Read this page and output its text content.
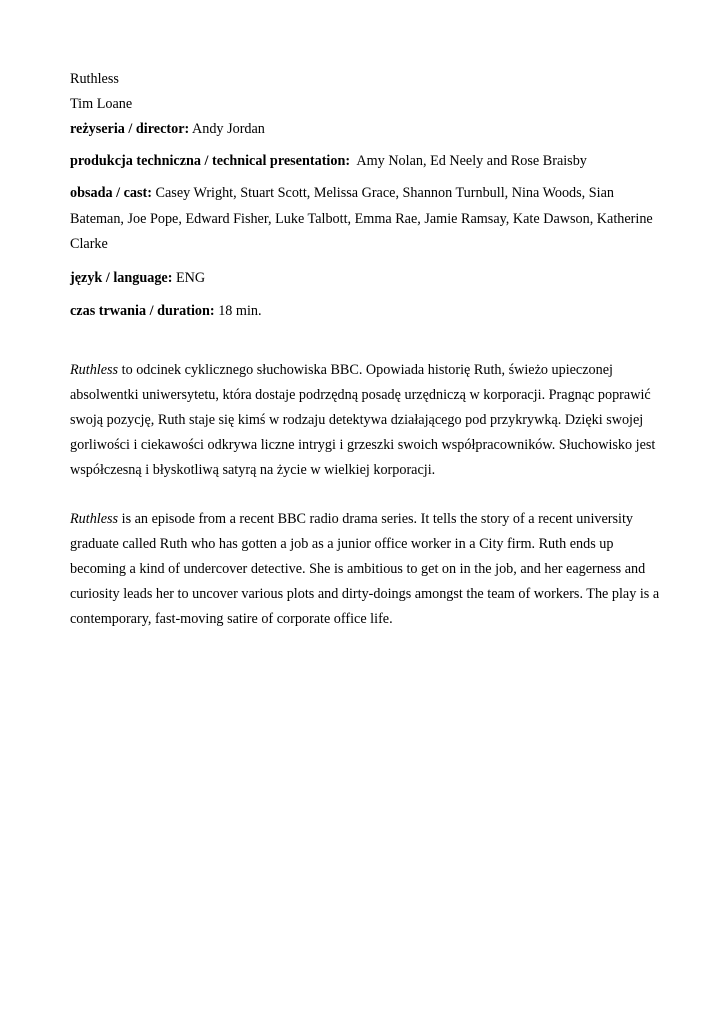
Ruthless
Tim Loane
reżyseria / director: Andy Jordan
produkcja techniczna / technical presentation: Amy Nolan, Ed Neely and Rose Braisby
obsada / cast: Casey Wright, Stuart Scott, Melissa Grace, Shannon Turnbull, Nina Woods, Sian Bateman, Joe Pope, Edward Fisher, Luke Talbott, Emma Rae, Jamie Ramsay, Kate Dawson, Katherine Clarke
język / language: ENG
czas trwania / duration: 18 min.
Ruthless to odcinek cyklicznego słuchowiska BBC. Opowiada historię Ruth, świeżo upieczonej absolwentki uniwersytetu, która dostaje podrzędną posadę urzędniczą w korporacji. Pragnąc poprawić swoją pozycję, Ruth staje się kimś w rodzaju detektywa działającego pod przykrywką. Dzięki swojej gorliwości i ciekawości odkrywa liczne intrygi i grzeszki swoich współpracowników. Słuchowisko jest współczesną i błyskotliwą satyrą na życie w wielkiej korporacji.
Ruthless is an episode from a recent BBC radio drama series. It tells the story of a recent university graduate called Ruth who has gotten a job as a junior office worker in a City firm. Ruth ends up becoming a kind of undercover detective. She is ambitious to get on in the job, and her eagerness and curiosity leads her to uncover various plots and dirty-doings amongst the team of workers. The play is a contemporary, fast-moving satire of corporate office life.
